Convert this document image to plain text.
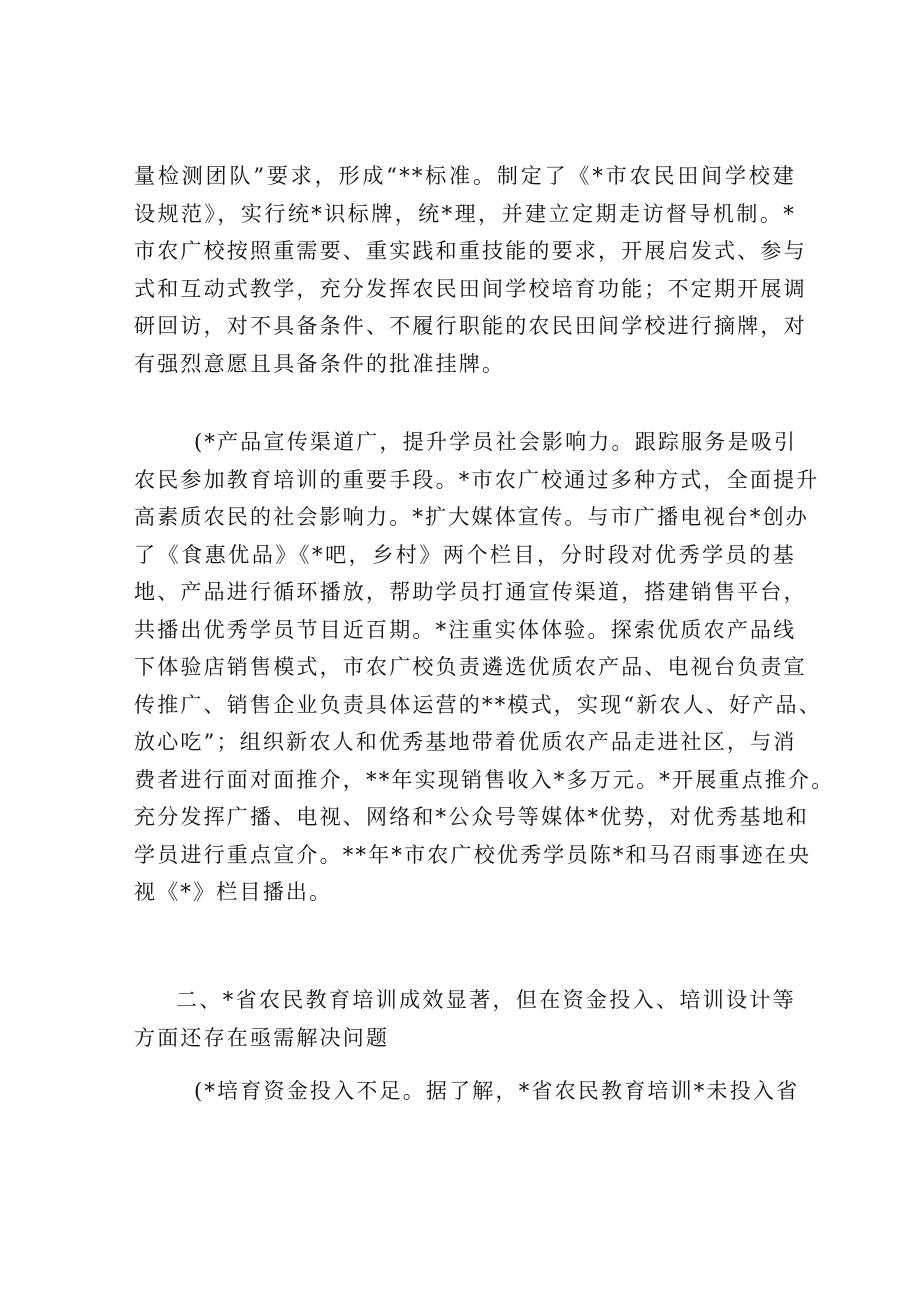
量检测团队”要求，形成“**标准。制定了《*市农民田间学校建
设规范》，实行统*识标牌，统*理，并建立定期走访督导机制。*
市农广校按照重需要、重实践和重技能的要求，开展启发式、参与
式和互动式教学，充分发挥农民田间学校培育功能；不定期开展调
研回访，对不具备条件、不履行职能的农民田间学校进行摘牌，对
有强烈意愿且具备条件的批准挂牌。
(*产品宣传渠道广，提升学员社会影响力。跟踪服务是吸引
农民参加教育培训的重要手段。*市农广校通过多种方式，全面提升
高素质农民的社会影响力。*扩大媒体宣传。与市广播电视台*创办
了《食惠优品》《*吧，乡村》两个栏目，分时段对优秀学员的基
地、产品进行循环播放，帮助学员打通宣传渠道，搭建销售平台，
共播出优秀学员节目近百期。*注重实体体验。探索优质农产品线
下体验店销售模式，市农广校负责遴选优质农产品、电视台负责宣
传推广、销售企业负责具体运营的**模式，实现“新农人、好产品、
放心吃”；组织新农人和优秀基地带着优质农产品走进社区，与消
费者进行面对面推介，**年实现销售收入*多万元。*开展重点推介。
充分发挥广播、电视、网络和*公众号等媒体*优势，对优秀基地和
学员进行重点宣介。**年*市农广校优秀学员陈*和马召雨事迹在央
视《*》栏目播出。
二、*省农民教育培训成效显著，但在资金投入、培训设计等
方面还存在亟需解决问题
(*培育资金投入不足。据了解，*省农民教育培训*未投入省
